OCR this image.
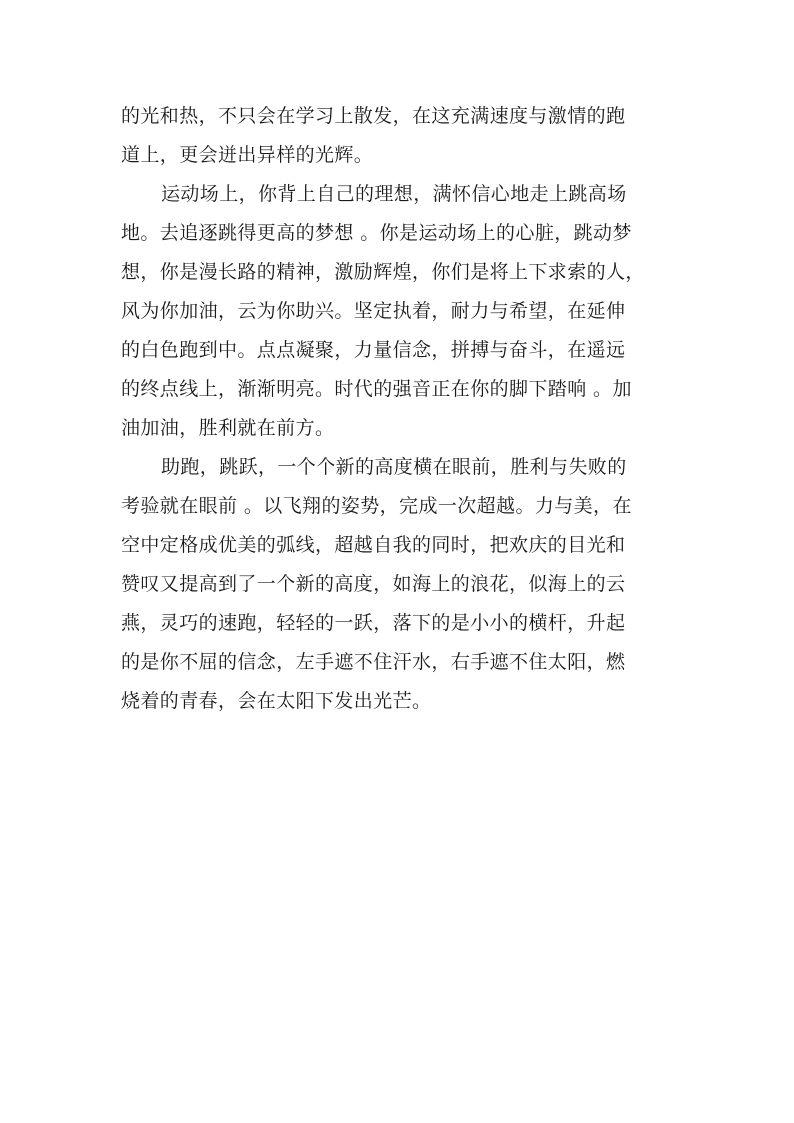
的光和热，不只会在学习上散发，在这充满速度与激情的跑
道上，更会迸出异样的光辉。
运动场上，你背上自己的理想，满怀信心地走上跳高场
地。去追逐跳得更高的梦想 。你是运动场上的心脏，跳动梦
想，你是漫长路的精神，激励辉煌，你们是将上下求索的人，
风为你加油，云为你助兴。坚定执着，耐力与希望，在延伸
的白色跑到中。点点凝聚，力量信念，拼搏与奋斗，在遥远
的终点线上，渐渐明亮。时代的强音正在你的脚下踏响 。加
油加油，胜利就在前方。
助跑，跳跃，一个个新的高度横在眼前，胜利与失败的
考验就在眼前 。以飞翔的姿势，完成一次超越。力与美，在
空中定格成优美的弧线，超越自我的同时，把欢庆的目光和
赞叹又提高到了一个新的高度，如海上的浪花，似海上的云
燕，灵巧的速跑，轻轻的一跃，落下的是小小的横杆，升起
的是你不屈的信念，左手遮不住汗水，右手遮不住太阳，燃
烧着的青春，会在太阳下发出光芒。
